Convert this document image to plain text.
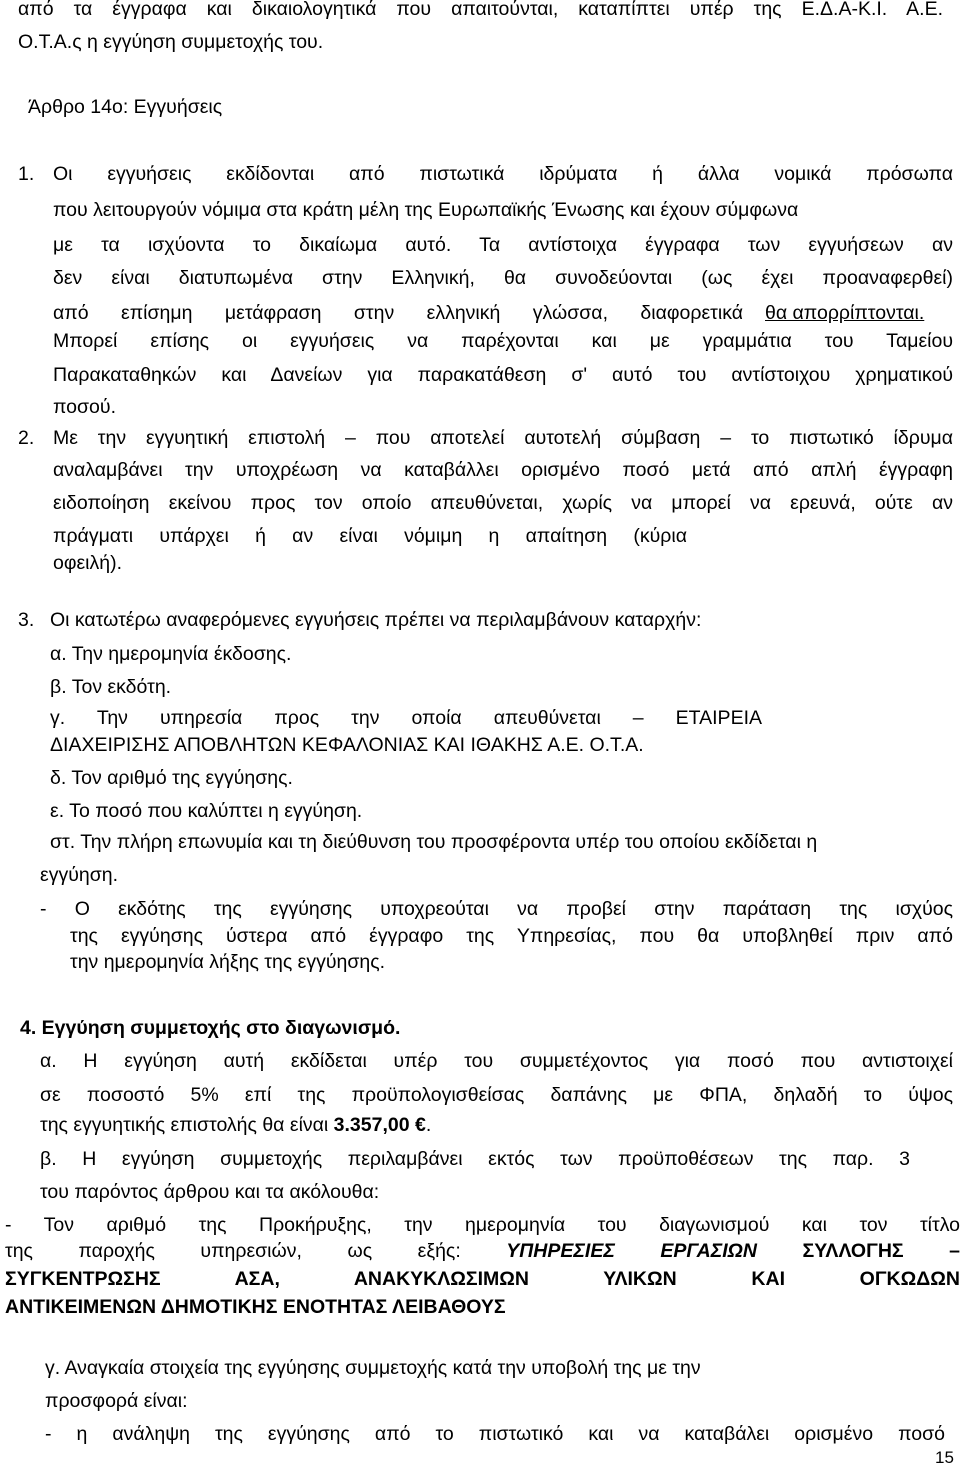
από τα έγγραφα και δικαιολογητικά που απαιτούνται, καταπίπτει υπέρ της Ε.Δ.Α-Κ.Ι. Α.Ε.
Ο.Τ.Α.ς η εγγύηση συμμετοχής του.
Άρθρο 14ο: Εγγυήσεις
1. Οι εγγυήσεις εκδίδονται από πιστωτικά ιδρύματα ή άλλα νομικά πρόσωπα
που λειτουργούν νόμιμα στα κράτη μέλη της Ευρωπαϊκής Ένωσης και έχουν σύμφωνα
με τα ισχύοντα το δικαίωμα αυτό. Τα αντίστοιχα έγγραφα των εγγυήσεων αν
δεν είναι διατυπωμένα στην Ελληνική, θα συνοδεύονται (ως έχει προαναφερθεί)
από επίσημη μετάφραση στην ελληνική γλώσσα, διαφορετικά θα απορρίπτονται.
Μπορεί επίσης οι εγγυήσεις να παρέχονται και με γραμμάτια του Ταμείου
Παρακαταθηκών και Δανείων για παρακατάθεση σ' αυτό του αντίστοιχου χρηματικού
ποσού.
2. Με την εγγυητική επιστολή – που αποτελεί αυτοτελή σύμβαση – το πιστωτικό ίδρυμα
αναλαμβάνει την υποχρέωση να καταβάλλει ορισμένο ποσό μετά από απλή έγγραφη
ειδοποίηση εκείνου προς τον οποίο απευθύνεται, χωρίς να μπορεί να ερευνά, ούτε αν
πράγματι υπάρχει ή αν είναι νόμιμη η απαίτηση (κύρια
οφειλή).
3. Οι κατωτέρω αναφερόμενες εγγυήσεις πρέπει να περιλαμβάνουν καταρχήν:
α. Την ημερομηνία έκδοσης.
β. Τον εκδότη.
γ. Την υπηρεσία προς την οποία απευθύνεται – ΕΤΑΙΡΕΙΑ
ΔΙΑΧΕΙΡΙΣΗΣ ΑΠΟΒΛΗΤΩΝ ΚΕΦΑΛΟΝΙΑΣ ΚΑΙ ΙΘΑΚΗΣ Α.Ε. Ο.Τ.Α.
δ. Τον αριθμό της εγγύησης.
ε. Το ποσό που καλύπτει η εγγύηση.
στ. Την πλήρη επωνυμία και τη διεύθυνση του προσφέροντα υπέρ του οποίου εκδίδεται η
εγγύηση.
- Ο εκδότης της εγγύησης υποχρεούται να προβεί στην παράταση της ισχύος
της εγγύησης ύστερα από έγγραφο της Υπηρεσίας, που θα υποβληθεί πριν από
την ημερομηνία λήξης της εγγύησης.
4. Εγγύηση συμμετοχής στο διαγωνισμό.
α. Η εγγύηση αυτή εκδίδεται υπέρ του συμμετέχοντος για ποσό που αντιστοιχεί
σε ποσοστό 5% επί της προϋπολογισθείσας δαπάνης με ΦΠΑ, δηλαδή το ύψος
της εγγυητικής επιστολής θα είναι 3.357,00 €.
β. Η εγγύηση συμμετοχής περιλαμβάνει εκτός των προϋποθέσεων της παρ. 3
του παρόντος άρθρου και τα ακόλουθα:
- Τον αριθμό της Προκήρυξης, την ημερομηνία του διαγωνισμού και τον τίτλο
της παροχής υπηρεσιών, ως εξής: ΥΠΗΡΕΣΙΕΣ ΕΡΓΑΣΙΩΝ ΣΥΛΛΟΓΗΣ –
ΣΥΓΚΕΝΤΡΩΣΗΣ ΑΣΑ, ΑΝΑΚΥΚΛΩΣΙΜΩΝ ΥΛΙΚΩΝ ΚΑΙ ΟΓΚΩΔΩΝ
ΑΝΤΙΚΕΙΜΕΝΩΝ ΔΗΜΟΤΙΚΗΣ ΕΝΟΤΗΤΑΣ ΛΕΙΒΑΘΟΥΣ
γ. Αναγκαία στοιχεία της εγγύησης συμμετοχής κατά την υποβολή της με την
προσφορά είναι:
- η ανάληψη της εγγύησης από το πιστωτικό και να καταβάλει ορισμένο ποσό
15
